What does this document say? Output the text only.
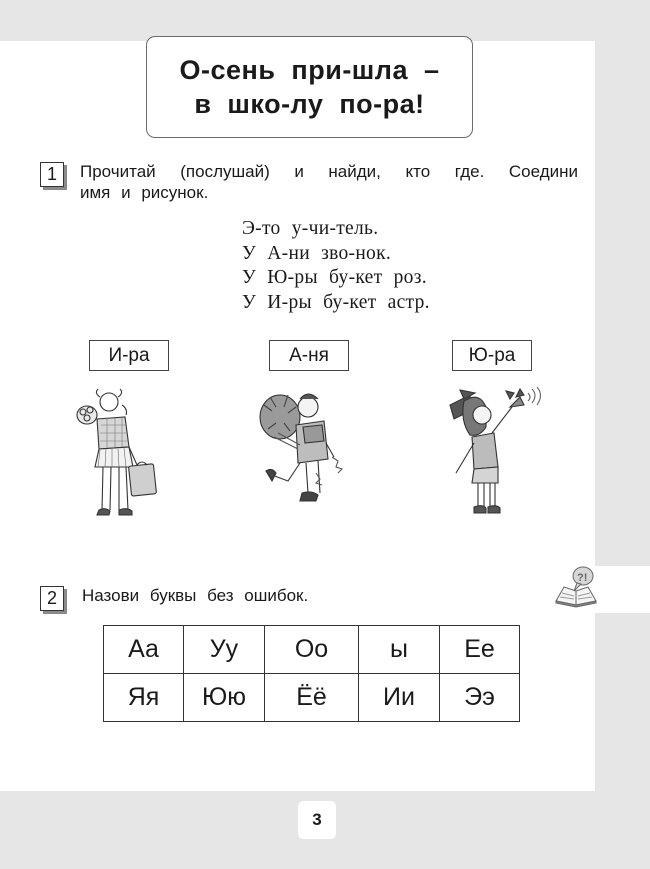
О-сень при-шла –
в шко-лу по-ра!
1	Прочитай (послушай) и найди, кто где. Соедини
имя и рисунок.
Э-то у-чи-тель.
У А-ни зво-нок.
У Ю-ры бу-кет роз.
У И-ры бу-кет астр.
И-ра	А-ня	Ю-ра
2	Назови буквы без ошибок.
?!
Аа	Уу	Оо	ы	Ее
Яя	Юю	Ёё	Ии	Ээ
3
